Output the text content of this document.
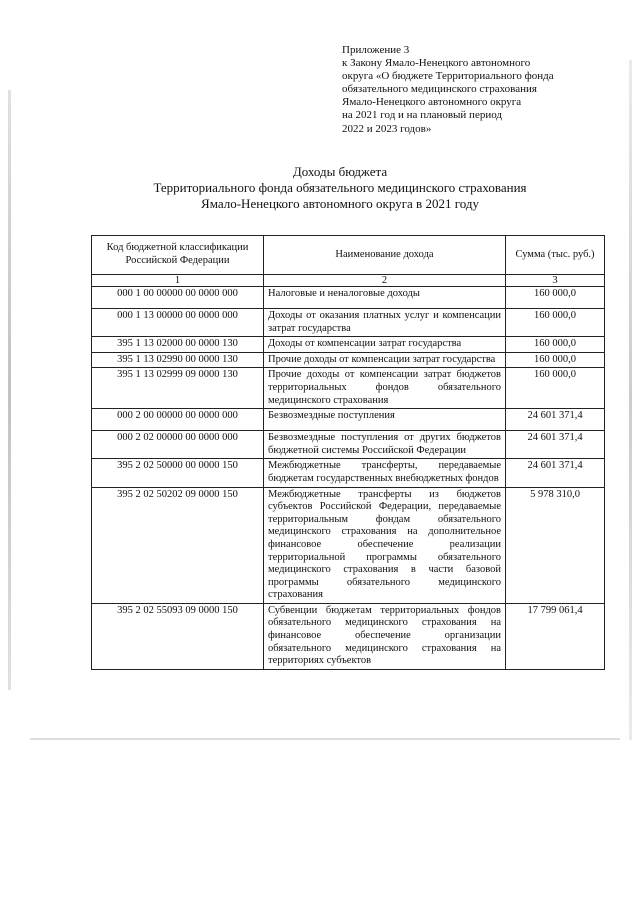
Приложение 3
к Закону Ямало-Ненецкого автономного
округа «О бюджете Территориального фонда
обязательного медицинского страхования
Ямало-Ненецкого автономного округа
на 2021 год и на плановый период
2022 и 2023 годов»
Доходы бюджета
Территориального фонда обязательного медицинского страхования
Ямало-Ненецкого автономного округа в 2021 году
Код бюджетной классификации Российской Федерации	Наименование дохода	Сумма (тыс. руб.)
1	2	3
000 1 00 00000 00 0000 000	Налоговые и неналоговые доходы	160 000,0
000 1 13 00000 00 0000 000	Доходы от оказания платных услуг и компенсации затрат государства	160 000,0
395 1 13 02000 00 0000 130	Доходы от компенсации затрат государства	160 000,0
395 1 13 02990 00 0000 130	Прочие доходы от компенсации затрат государства	160 000,0
395 1 13 02999 09 0000 130	Прочие доходы от компенсации затрат бюджетов территориальных фондов обязательного медицинского страхования	160 000,0
000 2 00 00000 00 0000 000	Безвозмездные поступления	24 601 371,4
000 2 02 00000 00 0000 000	Безвозмездные поступления от других бюджетов бюджетной системы Российской Федерации	24 601 371,4
395 2 02 50000 00 0000 150	Межбюджетные трансферты, передаваемые бюджетам государственных внебюджетных фондов	24 601 371,4
395 2 02 50202 09 0000 150	Межбюджетные трансферты из бюджетов субъектов Российской Федерации, передаваемые территориальным фондам обязательного медицинского страхования на дополнительное финансовое обеспечение реализации территориальной программы обязательного медицинского страхования в части базовой программы обязательного медицинского страхования	5 978 310,0
395 2 02 55093 09 0000 150	Субвенции бюджетам территориальных фондов обязательного медицинского страхования на финансовое обеспечение организации обязательного медицинского страхования на территориях субъектов	17 799 061,4
